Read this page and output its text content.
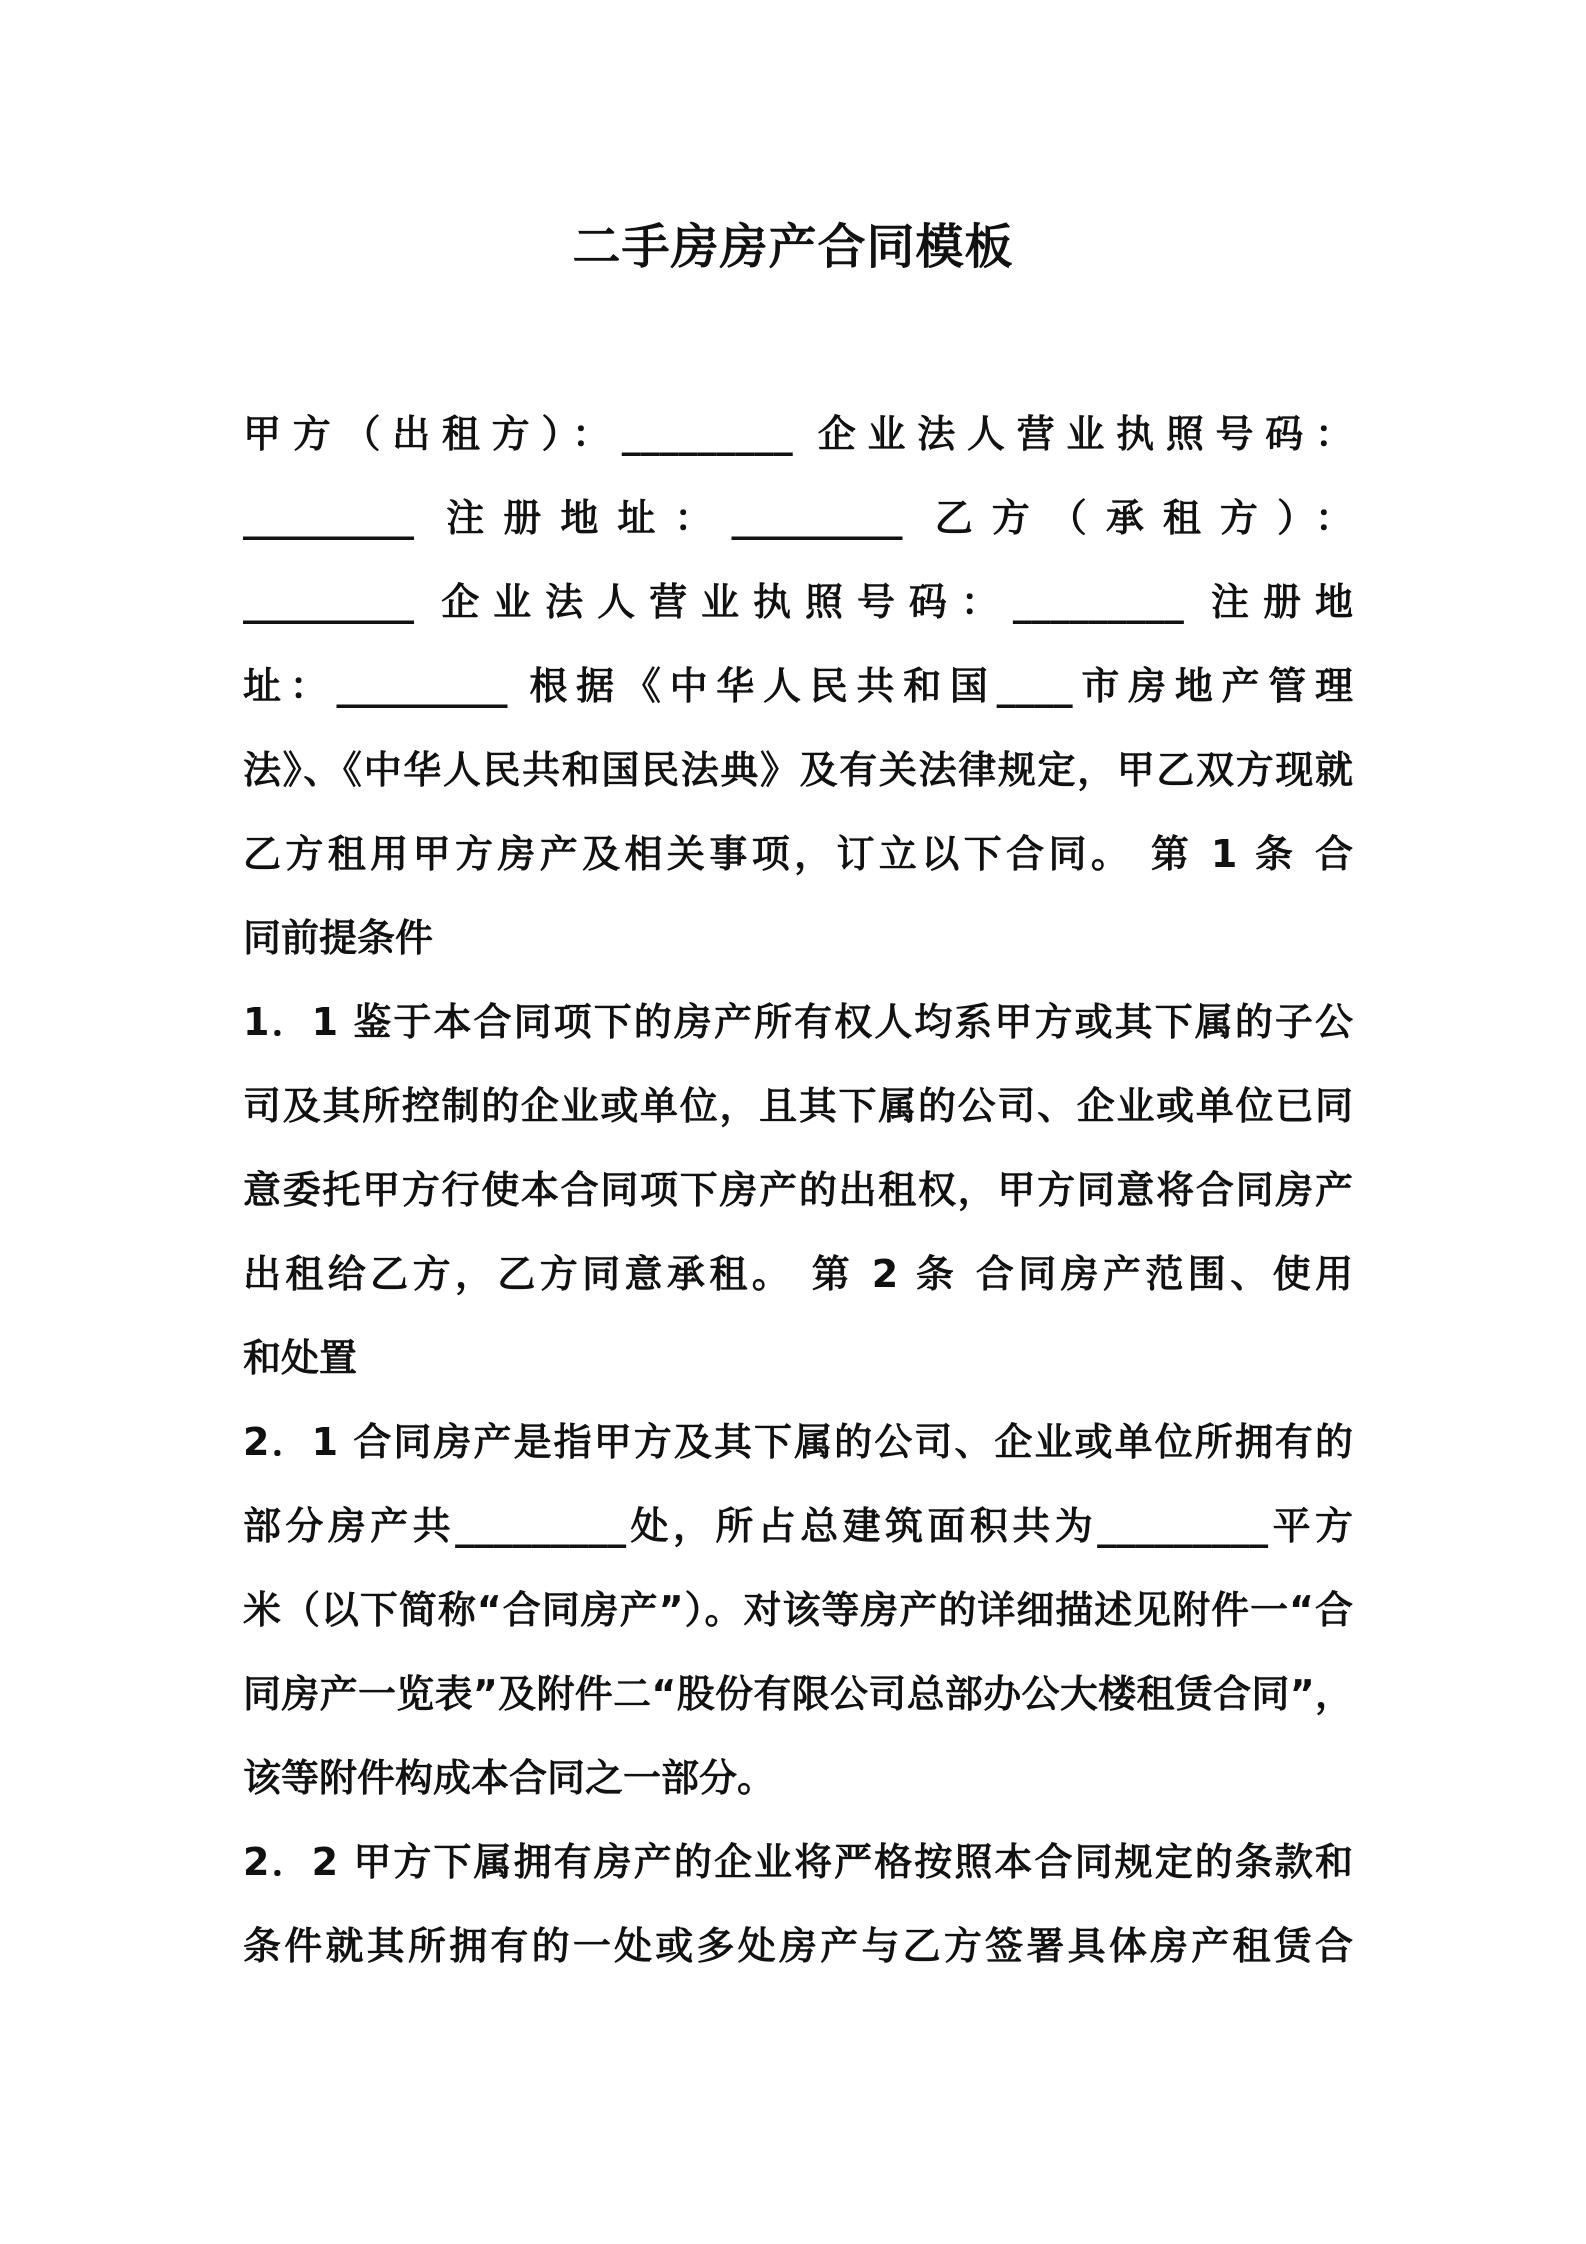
二手房房产合同模板
甲方（出租方）：_________ 企业法人营业执照号码：
_________ 注册地址：_________ 乙方（承租方）：
_________ 企业法人营业执照号码：_________ 注册地
址：_________ 根据《中华人民共和国____市房地产管理
法》、《中华人民共和国民法典》及有关法律规定，甲乙双方现就
乙方租用甲方房产及相关事项，订立以下合同。 第 1 条 合
同前提条件
1．1 鉴于本合同项下的房产所有权人均系甲方或其下属的子公
司及其所控制的企业或单位，且其下属的公司、企业或单位已同
意委托甲方行使本合同项下房产的出租权，甲方同意将合同房产
出租给乙方，乙方同意承租。 第 2 条 合同房产范围、使用
和处置
2．1 合同房产是指甲方及其下属的公司、企业或单位所拥有的
部分房产共_________处，所占总建筑面积共为_________平方
米（以下简称“合同房产”）。对该等房产的详细描述见附件一“合
同房产一览表”及附件二“股份有限公司总部办公大楼租赁合同”，
该等附件构成本合同之一部分。
2．2 甲方下属拥有房产的企业将严格按照本合同规定的条款和
条件就其所拥有的一处或多处房产与乙方签署具体房产租赁合
